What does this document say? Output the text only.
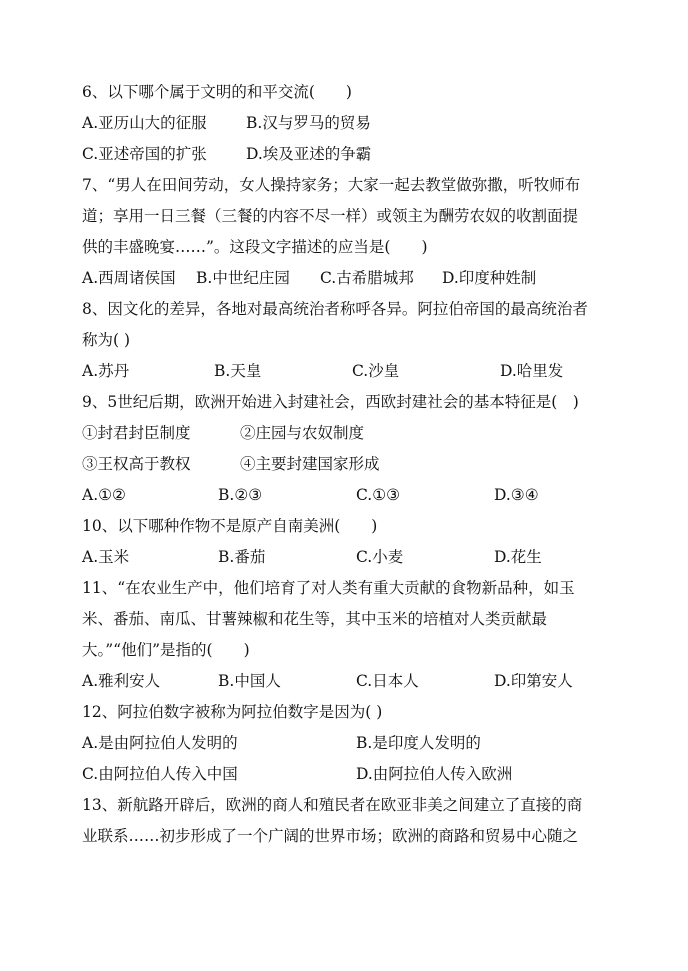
6、以下哪个属于文明的和平交流(　　)
A.亚历山大的征服	B.汉与罗马的贸易
C.亚述帝国的扩张	D.埃及亚述的争霸
7、“男人在田间劳动，女人操持家务；大家一起去教堂做弥撒，听牧师布
道；享用一日三餐（三餐的内容不尽一样）或领主为酬劳农奴的收割面提
供的丰盛晚宴……”。这段文字描述的应当是(　　)
A.西周诸侯国 B.中世纪庄园 C.古希腊城邦 D.印度种姓制
8、因文化的差异，各地对最高统治者称呼各异。阿拉伯帝国的最高统治者
称为( )
A.苏丹	B.天皇	C.沙皇	D.哈里发
9、5世纪后期，欧洲开始进入封建社会，西欧封建社会的基本特征是(　)
①封君封臣制度	②庄园与农奴制度
③王权高于教权	④主要封建国家形成
A.①②	B.②③	C.①③	D.③④
10、以下哪种作物不是原产自南美洲(　　)
A.玉米	B.番茄	C.小麦	D.花生
11、“在农业生产中，他们培育了对人类有重大贡献的食物新品种，如玉
米、番茄、南瓜、甘薯辣椒和花生等，其中玉米的培植对人类贡献最
大。”“他们”是指的(　　)
A.雅利安人	B.中国人	C.日本人	D.印第安人
12、阿拉伯数字被称为阿拉伯数字是因为( )
A.是由阿拉伯人发明的	B.是印度人发明的
C.由阿拉伯人传入中国	D.由阿拉伯人传入欧洲
13、新航路开辟后，欧洲的商人和殖民者在欧亚非美之间建立了直接的商
业联系……初步形成了一个广阔的世界市场；欧洲的商路和贸易中心随之
